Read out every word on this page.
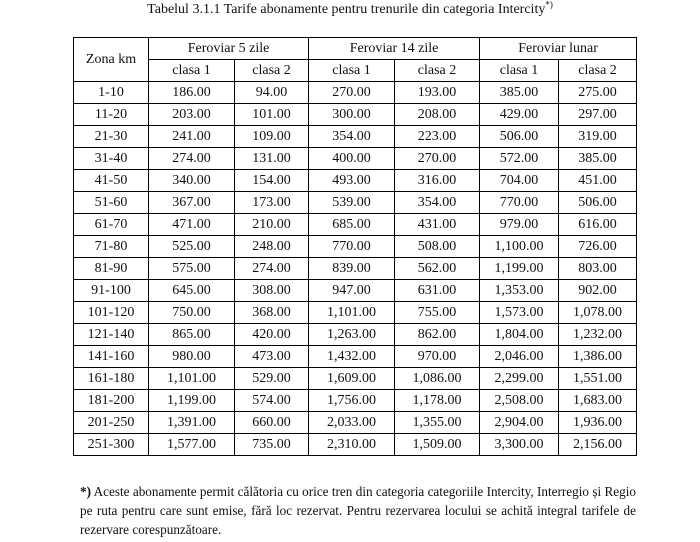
Tabelul 3.1.1 Tarife abonamente pentru trenurile din categoria Intercity*)
Zona km	Feroviar 5 zile		Feroviar 14 zile		Feroviar lunar	
	clasa 1	clasa 2	clasa 1	clasa 2	clasa 1	clasa 2
1-10	186.00	94.00	270.00	193.00	385.00	275.00
11-20	203.00	101.00	300.00	208.00	429.00	297.00
21-30	241.00	109.00	354.00	223.00	506.00	319.00
31-40	274.00	131.00	400.00	270.00	572.00	385.00
41-50	340.00	154.00	493.00	316.00	704.00	451.00
51-60	367.00	173.00	539.00	354.00	770.00	506.00
61-70	471.00	210.00	685.00	431.00	979.00	616.00
71-80	525.00	248.00	770.00	508.00	1,100.00	726.00
81-90	575.00	274.00	839.00	562.00	1,199.00	803.00
91-100	645.00	308.00	947.00	631.00	1,353.00	902.00
101-120	750.00	368.00	1,101.00	755.00	1,573.00	1,078.00
121-140	865.00	420.00	1,263.00	862.00	1,804.00	1,232.00
141-160	980.00	473.00	1,432.00	970.00	2,046.00	1,386.00
161-180	1,101.00	529.00	1,609.00	1,086.00	2,299.00	1,551.00
181-200	1,199.00	574.00	1,756.00	1,178.00	2,508.00	1,683.00
201-250	1,391.00	660.00	2,033.00	1,355.00	2,904.00	1,936.00
251-300	1,577.00	735.00	2,310.00	1,509.00	3,300.00	2,156.00
*) Aceste abonamente permit călătoria cu orice tren din categoria categoriile Intercity, Interregio și Regio pe ruta pentru care sunt emise, fără loc rezervat. Pentru rezervarea locului se achită integral tarifele de rezervare corespunzătoare.
